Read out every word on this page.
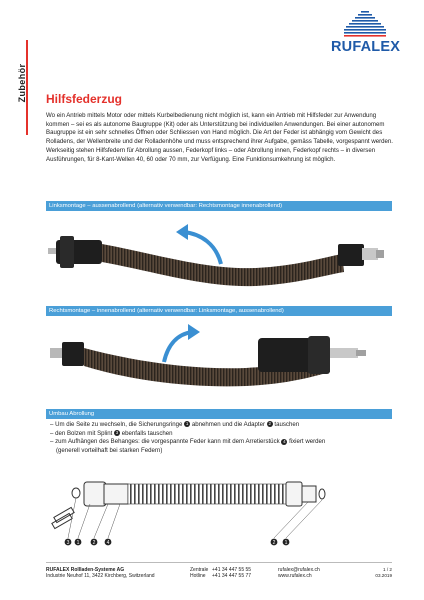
Zubehör
RUFALEX
Hilfsfederzug

Wo ein Antrieb mittels Motor oder mittels Kurbelbedienung nicht möglich ist, kann ein Antrieb mit Hilfsfeder zur Anwendung kommen – sei es als autonome Baugruppe (Kit) oder als Unterstützung bei individuellen Anwendungen. Bei einer autonomem Baugruppe ist ein sehr schnelles Öffnen oder Schliessen von Hand möglich. Die Art der Feder ist abhängig vom Gewicht des Rolladens, der Wellenbreite und der Rolladenhöhe und muss entsprechend ihrer Aufgabe, gemäss Tabelle, vorgespannt werden.

Werkseitig stehen Hilfsfedern für Abrollung aussen, Federkopf links – oder Abrollung innen, Federkopf rechts – in diversen Ausführungen, für 8-Kant-Wellen 40, 60 oder 70 mm, zur Verfügung. Eine Funktionsumkehrung ist möglich.

Linksmontage – aussenabrollend (alternativ verwendbar: Rechtsmontage innenabrollend)
Rechtsmontage – innenabrollend (alternativ verwendbar: Linksmontage, aussenabrollend)
Umbau Abrollung
– Um die Seite zu wechseln, die Sicherungsringe 1 abnehmen und die Adapter 2 tauschen
– den Bolzen mit Splint 3 ebenfalls tauschen
– zum Aufhängen des Behanges: die vorgespannte Feder kann mit dem Arretierstück 4 fixiert werden
(generell vorteilhaft bei starken Federn)
3 1	2 4	2 1
RUFALEX Rollladen-Systeme AG
Industrie Neuhof 11, 3422 Kirchberg, Switzerland
Zentrale +41 34 447 55 55
Hotline +41 34 447 55 77
rufalex@rufalex.ch
www.rufalex.ch
1 / 2
03.2019
